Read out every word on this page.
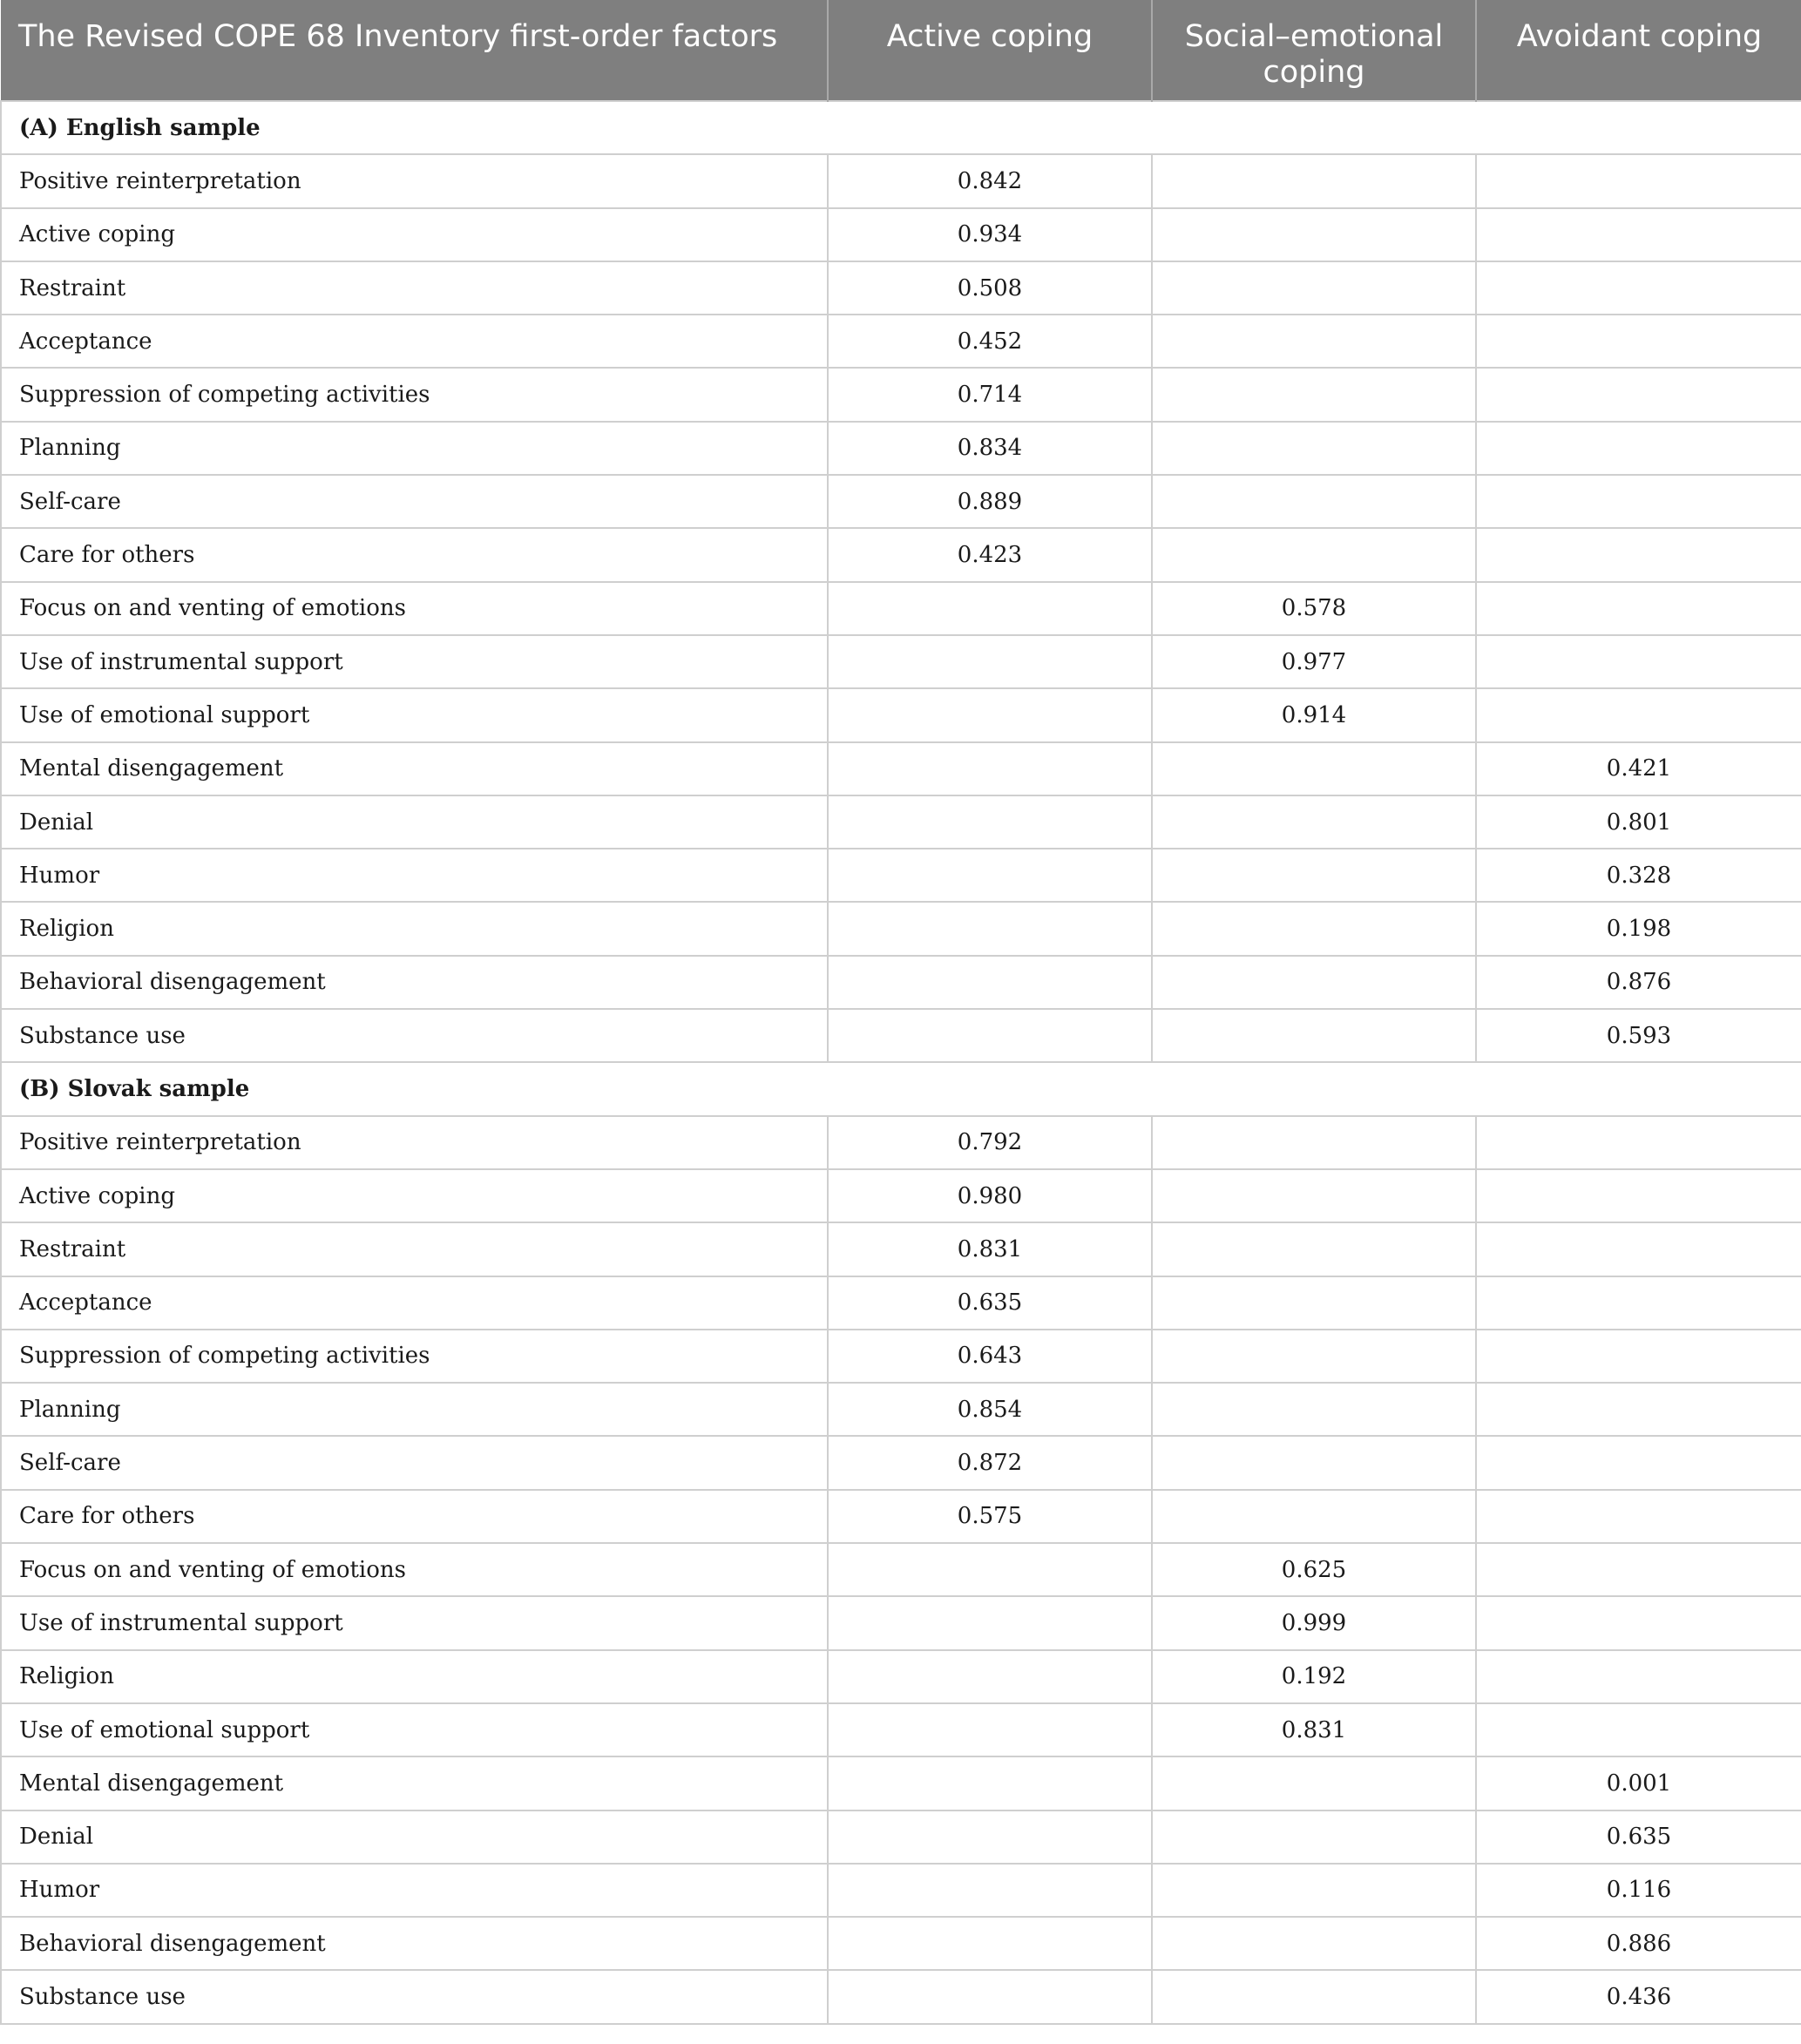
The Revised COPE 68 Inventory first-order factors	Active coping	Social–emotional coping	Avoidant coping
(A) English sample			
Positive reinterpretation	0.842		
Active coping	0.934		
Restraint	0.508		
Acceptance	0.452		
Suppression of competing activities	0.714		
Planning	0.834		
Self-care	0.889		
Care for others	0.423		
Focus on and venting of emotions		0.578	
Use of instrumental support		0.977	
Use of emotional support		0.914	
Mental disengagement			0.421
Denial			0.801
Humor			0.328
Religion			0.198
Behavioral disengagement			0.876
Substance use			0.593
(B) Slovak sample			
Positive reinterpretation	0.792		
Active coping	0.980		
Restraint	0.831		
Acceptance	0.635		
Suppression of competing activities	0.643		
Planning	0.854		
Self-care	0.872		
Care for others	0.575		
Focus on and venting of emotions		0.625	
Use of instrumental support		0.999	
Religion		0.192	
Use of emotional support		0.831	
Mental disengagement			0.001
Denial			0.635
Humor			0.116
Behavioral disengagement			0.886
Substance use			0.436
